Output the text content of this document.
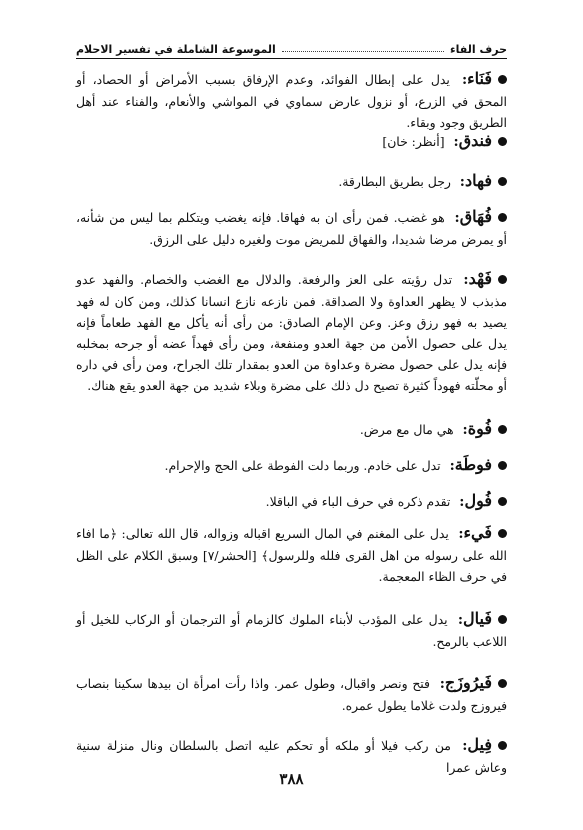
حرف الفاء
الموسوعة الشاملة في تفسير الاحلام
فَنَاء: يدل على إبطال الفوائد، وعدم الإرفاق بسبب الأمراض أو الحصاد، أو المحق في الزرع، أو نزول عارض سماوي في المواشي والأنعام، والفناء عند أهل الطريق وجود وبقاء.
فندق: [أنظر: خان]
فهاد: رجل بطريق البطارقة.
فُهَاق: هو غضب. فمن رأى ان به فهاقا. فإنه يغضب ويتكلم بما ليس من شأنه، أو يمرض مرضا شديدا، والفهاق للمريض موت ولغيره دليل على الرزق.
فَهْد: تدل رؤيته على العز والرفعة. والدلال مع الغضب والخصام. والفهد عدو مذبذب لا يظهر العداوة ولا الصداقة. فمن نازعه نازع انسانا كذلك، ومن كان له فهد يصيد به فهو رزق وعز. وعن الإمام الصادق: من رأى أنه يأكل مع الفهد طعاماً فإنه يدل على حصول الأمن من جهة العدو ومنفعة، ومن رأى فهداً عضه أو جرحه بمخلبه فإنه يدل على حصول مضرة وعداوة من العدو بمقدار تلك الجراح، ومن رأى في داره أو محلّته فهوداً كثيرة تصيح دل ذلك على مضرة وبلاء شديد من جهة العدو يقع هناك.
فُوة: هي مال مع مرض.
فوطَة: تدل على خادم. وربما دلت الفوطة على الحج والإحرام.
فُول: تقدم ذكره في حرف الباء في الباقلا.
فَيء: يدل على المغنم في المال السريع اقباله وزواله، قال الله تعالى: ﴿ما افاء الله على رسوله من اهل القرى فلله وللرسول﴾ [الحشر/٧] وسبق الكلام على الظل في حرف الظاء المعجمة.
فَيال: يدل على المؤدب لأبناء الملوك كالزمام أو الترجمان أو الركاب للخيل أو اللاعب بالرمح.
فَيرُوزَج: فتح ونصر واقبال، وطول عمر. واذا رأت امرأة ان بيدها سكينا بنصاب فيروزج ولدت غلاما يطول عمره.
فِيل: من ركب فيلا أو ملكه أو تحكم عليه اتصل بالسلطان ونال منزلة سنية وعاش عمرا
٣٨٨
